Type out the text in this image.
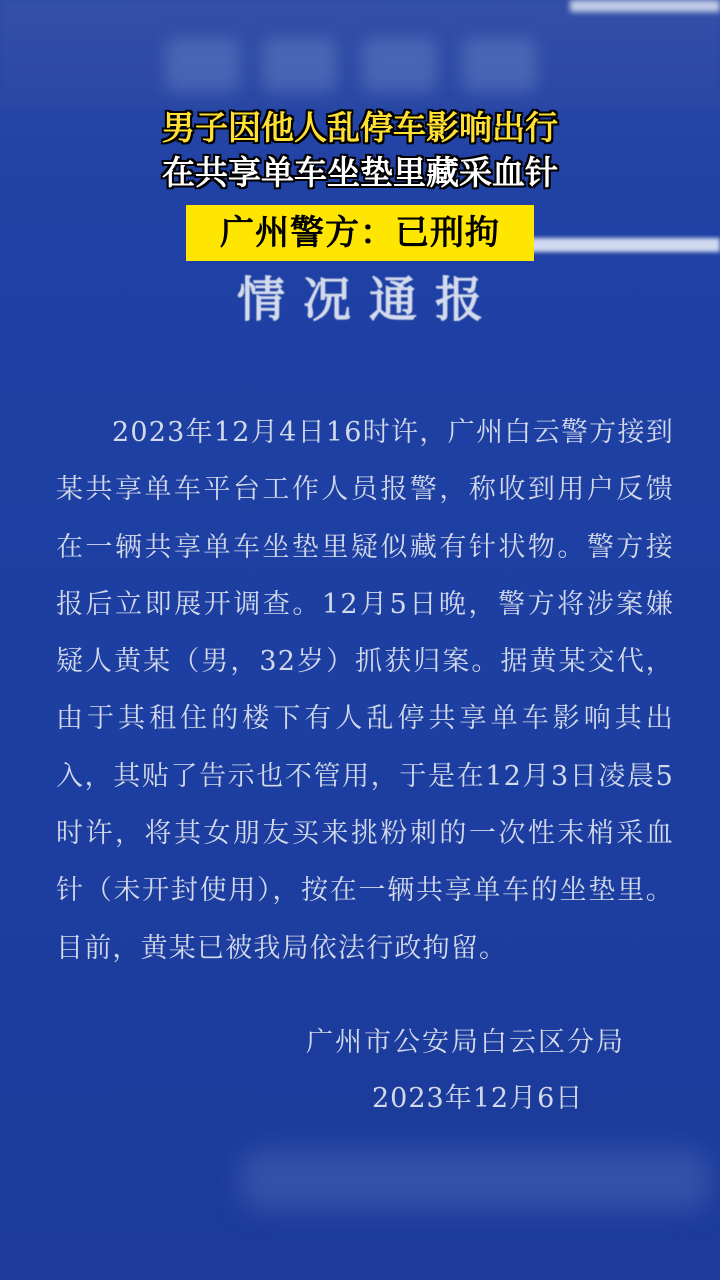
男子因他人乱停车影响出行
在共享单车坐垫里藏采血针
广州警方：已刑拘
情况通报
2023年12月4日16时许，广州白云警方接到某共享单车平台工作人员报警，称收到用户反馈在一辆共享单车坐垫里疑似藏有针状物。警方接报后立即展开调查。12月5日晚，警方将涉案嫌疑人黄某（男，32岁）抓获归案。据黄某交代，由于其租住的楼下有人乱停共享单车影响其出入，其贴了告示也不管用，于是在12月3日凌晨5时许，将其女朋友买来挑粉刺的一次性末梢采血针（未开封使用），按在一辆共享单车的坐垫里。目前，黄某已被我局依法行政拘留。
广州市公安局白云区分局
2023年12月6日
